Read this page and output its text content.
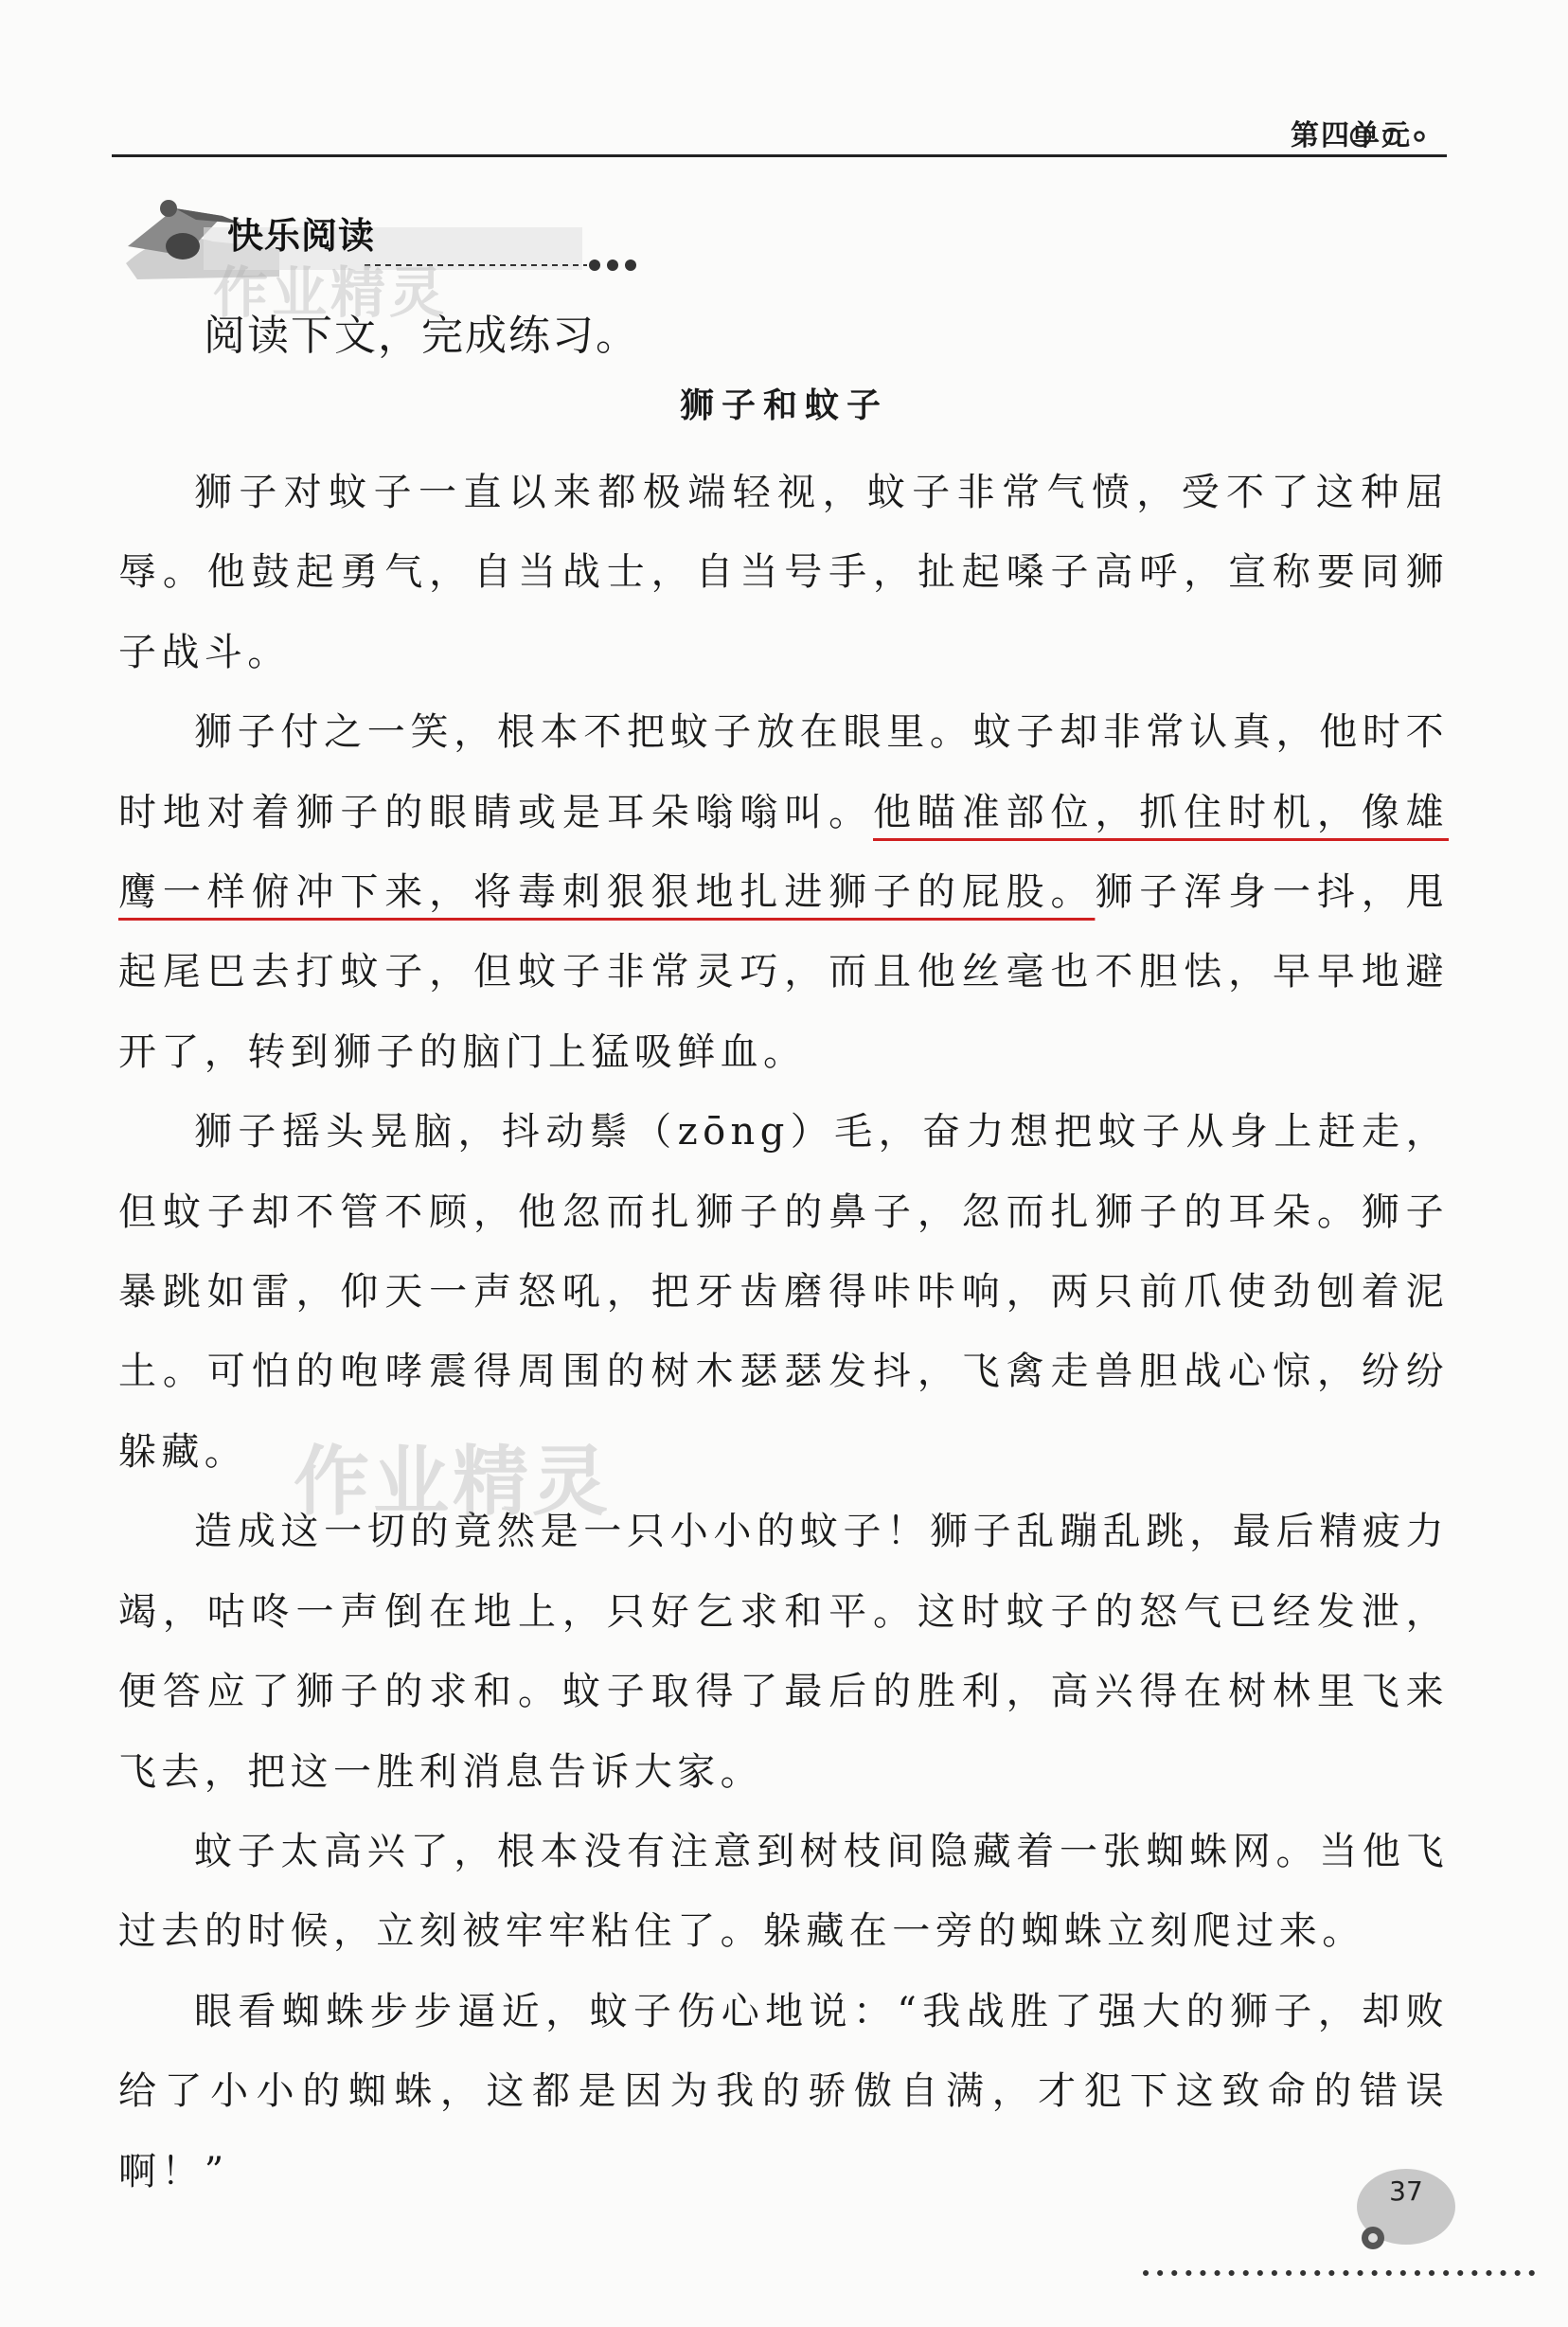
第四单元
快乐阅读
作业精灵
阅读下文，完成练习。
狮子和蚊子

狮子对蚊子一直以来都极端轻视，蚊子非常气愤，受不了这种屈辱。他鼓起勇气，自当战士，自当号手，扯起嗓子高呼，宣称要同狮子战斗。

狮子付之一笑，根本不把蚊子放在眼里。蚊子却非常认真，他时不时地对着狮子的眼睛或是耳朵嗡嗡叫。他瞄准部位，抓住时机，像雄鹰一样俯冲下来，将毒刺狠狠地扎进狮子的屁股。狮子浑身一抖，甩起尾巴去打蚊子，但蚊子非常灵巧，而且他丝毫也不胆怯，早早地避开了，转到狮子的脑门上猛吸鲜血。

狮子摇头晃脑，抖动鬃（zōng）毛，奋力想把蚊子从身上赶走，但蚊子却不管不顾，他忽而扎狮子的鼻子，忽而扎狮子的耳朵。狮子暴跳如雷，仰天一声怒吼，把牙齿磨得咔咔响，两只前爪使劲刨着泥土。可怕的咆哮震得周围的树木瑟瑟发抖，飞禽走兽胆战心惊，纷纷躲藏。

造成这一切的竟然是一只小小的蚊子！狮子乱蹦乱跳，最后精疲力竭，咕咚一声倒在地上，只好乞求和平。这时蚊子的怒气已经发泄，便答应了狮子的求和。蚊子取得了最后的胜利，高兴得在树林里飞来飞去，把这一胜利消息告诉大家。

蚊子太高兴了，根本没有注意到树枝间隐藏着一张蜘蛛网。当他飞过去的时候，立刻被牢牢粘住了。躲藏在一旁的蜘蛛立刻爬过来。

眼看蜘蛛步步逼近，蚊子伤心地说：“我战胜了强大的狮子，却败给了小小的蜘蛛，这都是因为我的骄傲自满，才犯下这致命的错误啊！”

作业精灵
37
